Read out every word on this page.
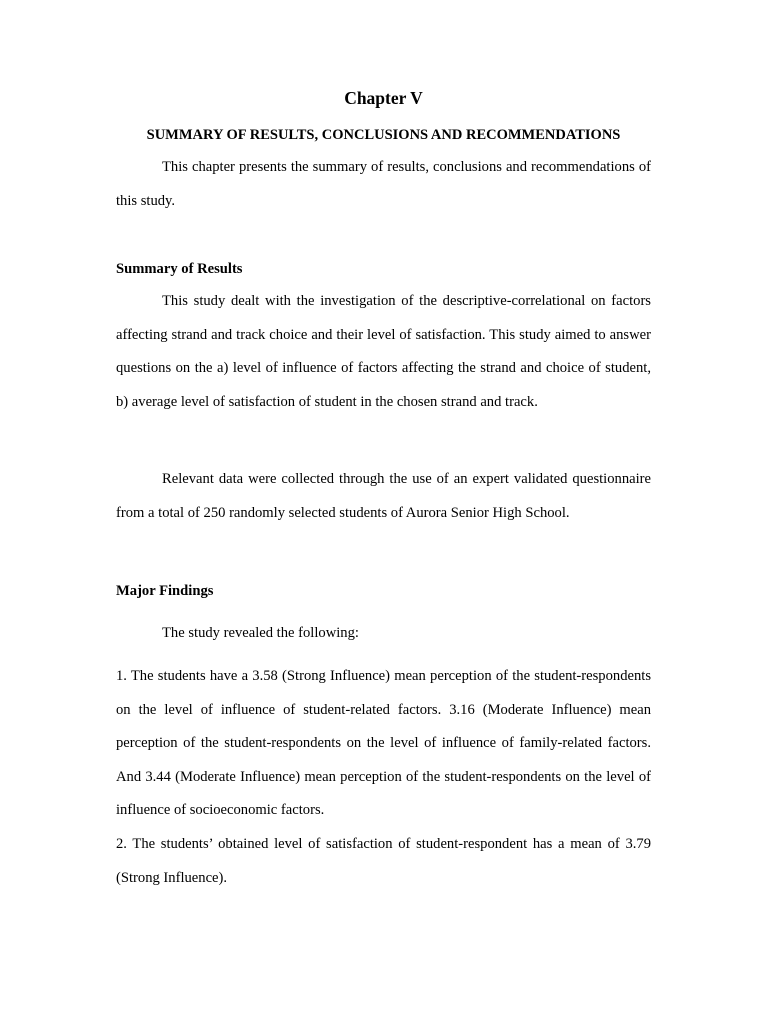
Chapter V
SUMMARY OF RESULTS, CONCLUSIONS AND RECOMMENDATIONS

This chapter presents the summary of results, conclusions and recommendations of this study.

Summary of Results

This study dealt with the investigation of the descriptive-correlational on factors affecting strand and track choice and their level of satisfaction. This study aimed to answer questions on the a) level of influence of factors affecting the strand and choice of student, b) average level of satisfaction of student in the chosen strand and track.

Relevant data were collected through the use of an expert validated questionnaire from a total of 250 randomly selected students of Aurora Senior High School.

Major Findings

The study revealed the following:

1. The students have a 3.58 (Strong Influence) mean perception of the student-respondents on the level of influence of student-related factors. 3.16 (Moderate Influence) mean perception of the student-respondents on the level of influence of family-related factors. And 3.44 (Moderate Influence) mean perception of the student-respondents on the level of influence of socioeconomic factors.

2. The students’ obtained level of satisfaction of student-respondent has a mean of 3.79 (Strong Influence).
